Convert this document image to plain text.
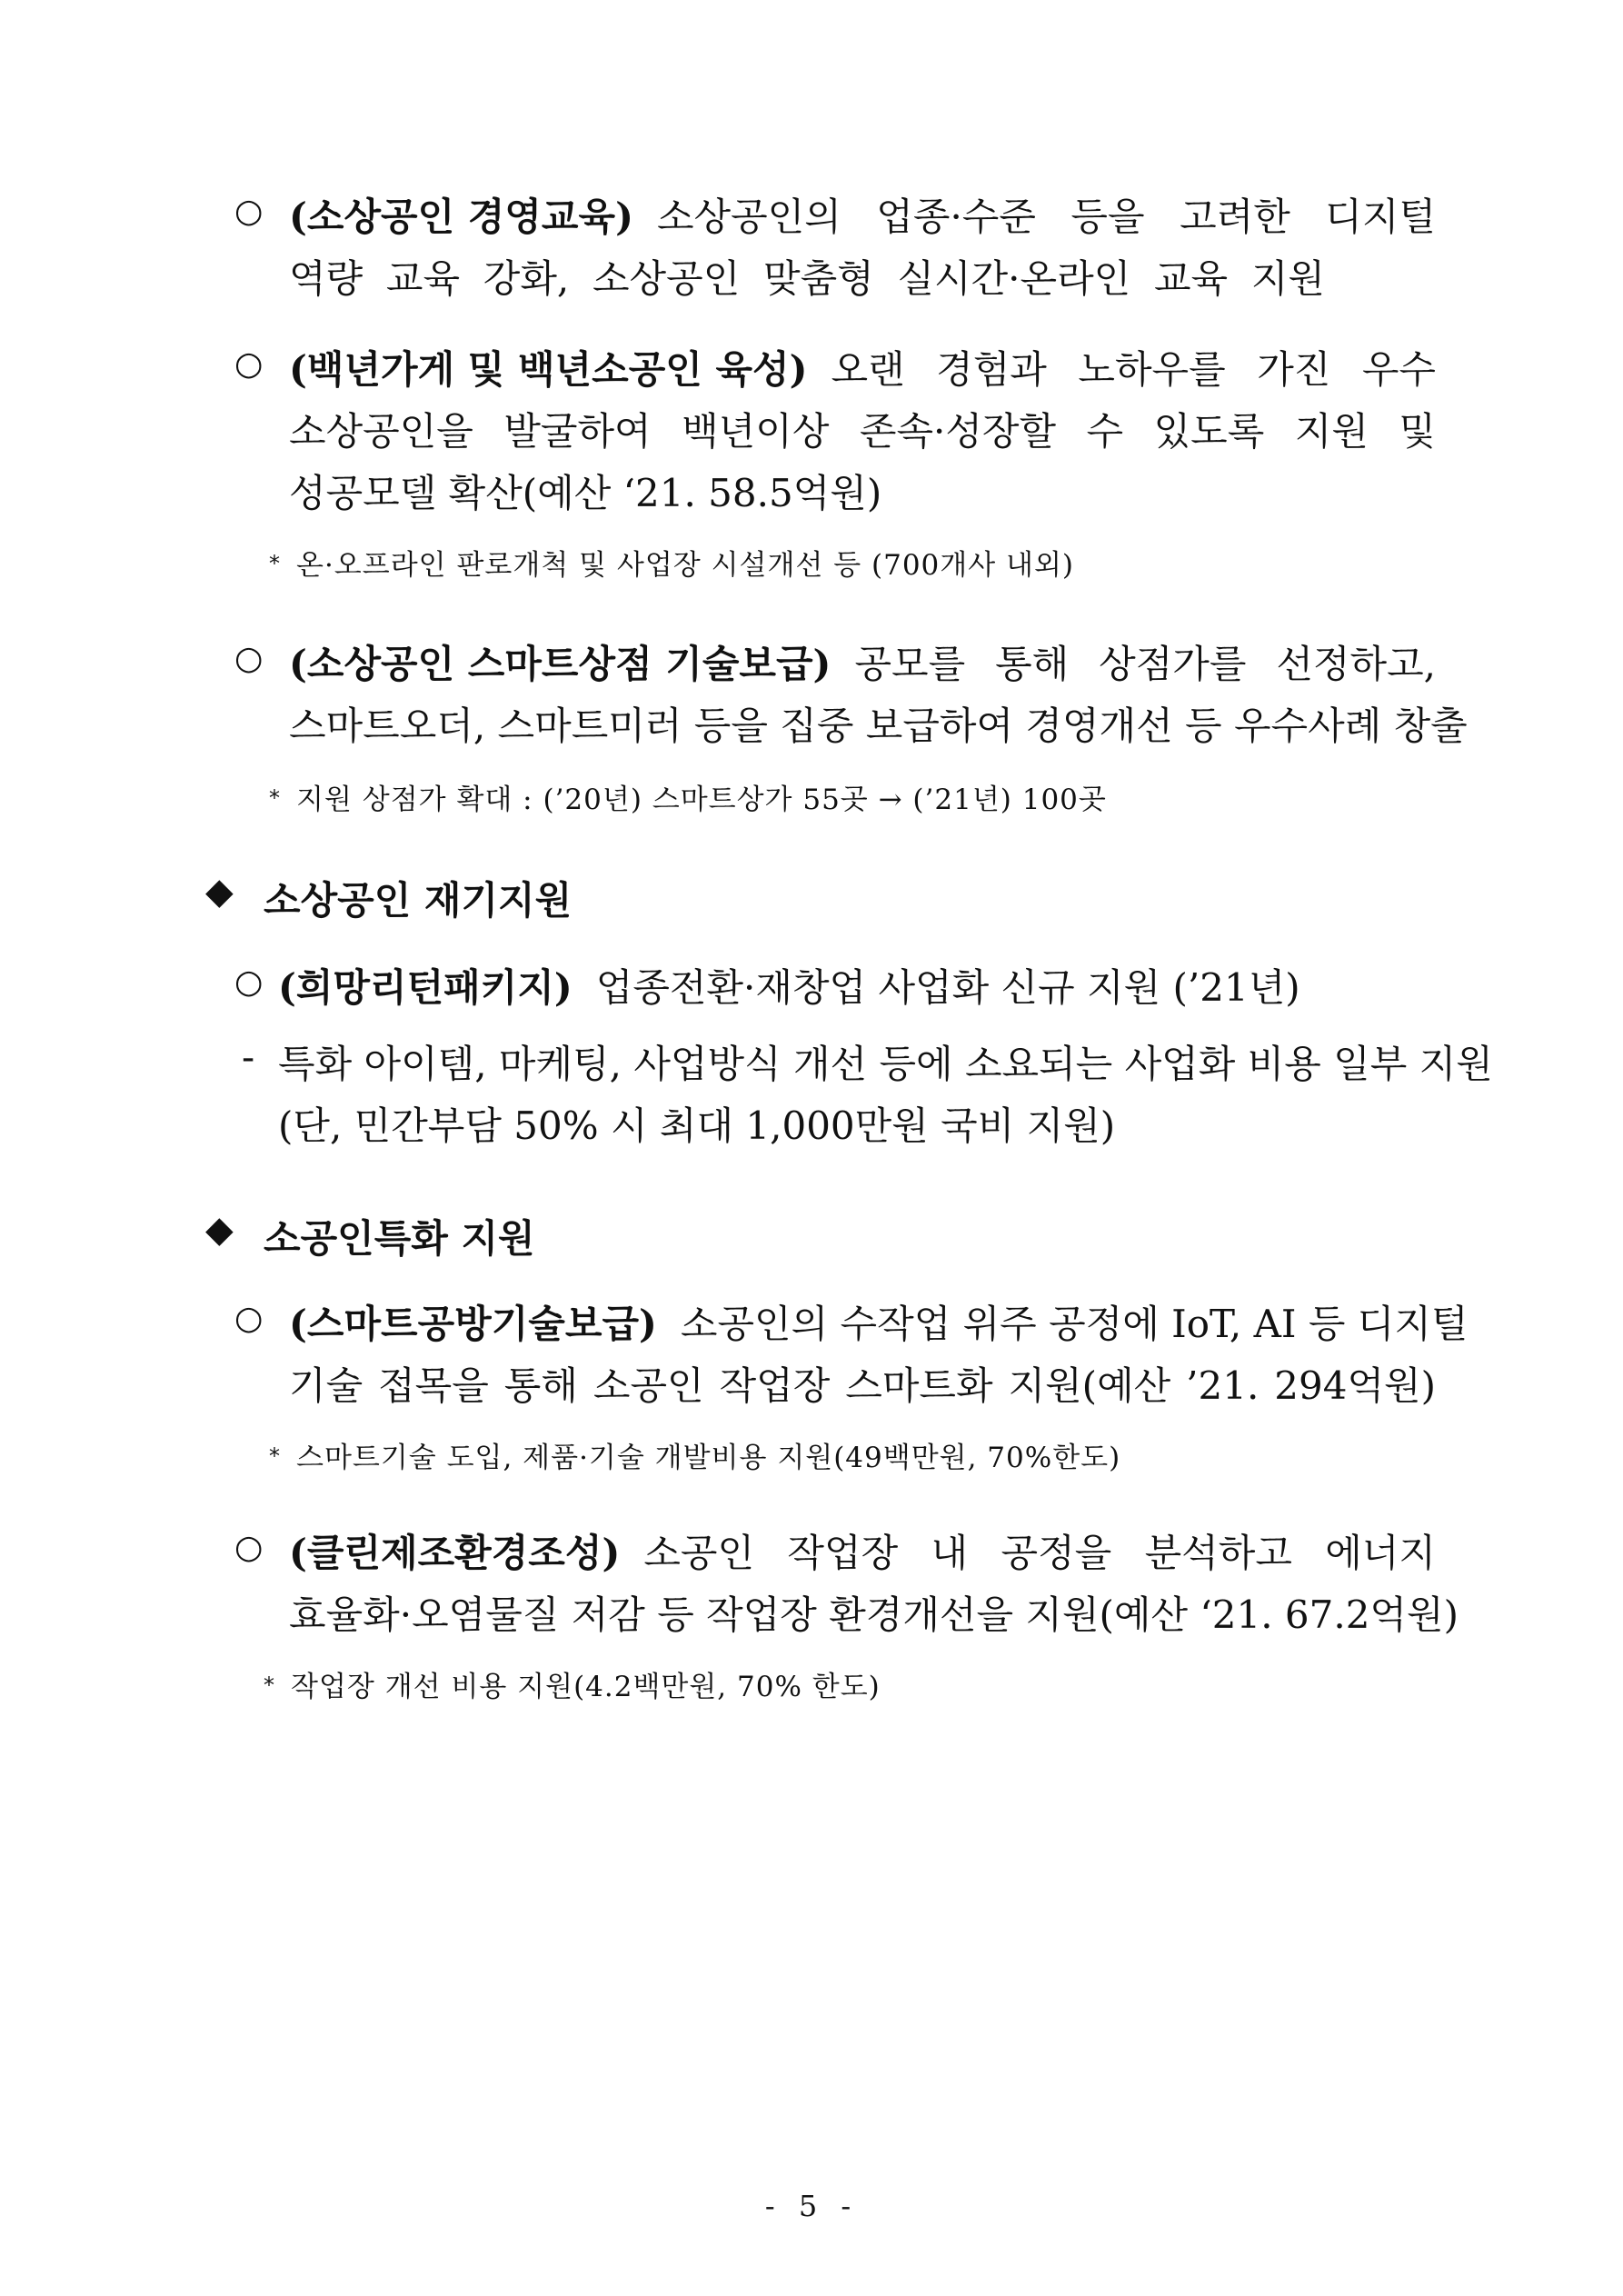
○ (소상공인 경영교육) 소상공인의 업종·수준 등을 고려한 디지털
역량 교육 강화, 소상공인 맞춤형 실시간·온라인 교육 지원
○ (백년가게 및 백년소공인 육성) 오랜 경험과 노하우를 가진 우수
소상공인을 발굴하여 백년이상 존속·성장할 수 있도록 지원 및
성공모델 확산(예산 ‘21. 58.5억원)
* 온·오프라인 판로개척 및 사업장 시설개선 등 (700개사 내외)
○ (소상공인 스마트상점 기술보급) 공모를 통해 상점가를 선정하고,
스마트오더, 스마트미러 등을 집중 보급하여 경영개선 등 우수사례 창출
* 지원 상점가 확대 : (’20년) 스마트상가 55곳 → (’21년) 100곳
◆ 소상공인 재기지원
○ (희망리턴패키지) 업종전환·재창업 사업화 신규 지원 (’21년)
- 특화 아이템, 마케팅, 사업방식 개선 등에 소요되는 사업화 비용 일부 지원
(단, 민간부담 50% 시 최대 1,000만원 국비 지원)
◆ 소공인특화 지원
○ (스마트공방기술보급) 소공인의 수작업 위주 공정에 IoT, AI 등 디지털
기술 접목을 통해 소공인 작업장 스마트화 지원(예산 ’21. 294억원)
* 스마트기술 도입, 제품·기술 개발비용 지원(49백만원, 70%한도)
○ (클린제조환경조성) 소공인 작업장 내 공정을 분석하고 에너지
효율화·오염물질 저감 등 작업장 환경개선을 지원(예산 ‘21. 67.2억원)
* 작업장 개선 비용 지원(4.2백만원, 70% 한도)
- 5 -
